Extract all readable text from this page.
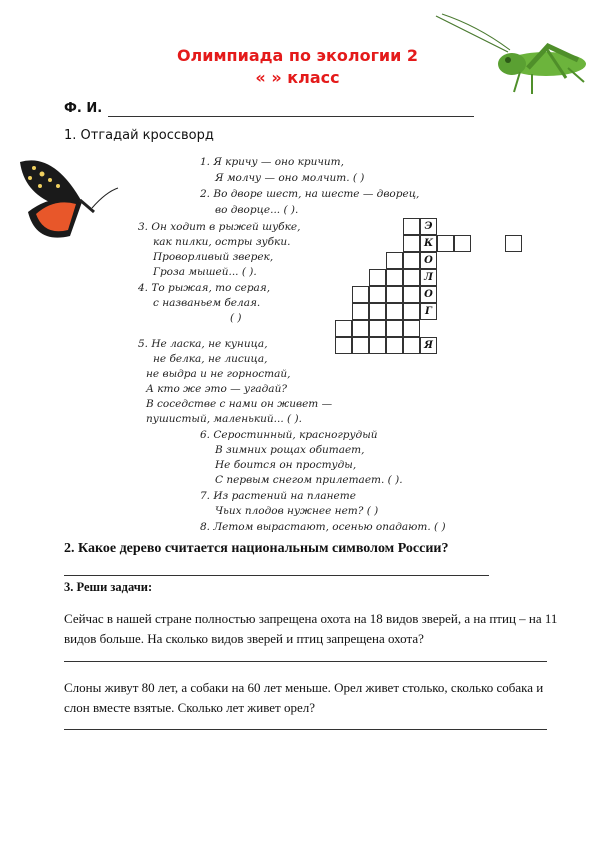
Олимпиада по экологии 2
« » класс
Ф. И.
1. Отгадай кроссворд
1. Я кричу — оно кричит,
Я молчу — оно молчит. ( )
2. Во дворе шест, на шесте — дворец,
во дворце... ( ).
3. Он ходит в рыжей шубке,
как пилки, остры зубки.
Проворливый зверек,
Гроза мышей... ( ).
4. То рыжая, то серая,
с названьем белая.
( )
5. Не ласка, не куница,
не белка, не лисица,
не выдра и не горностай,
А кто же это — угадай?
В соседстве с нами он живет —
пушистый, маленький... ( ).
6. Серостинный, красногрудый
В зимних рощах обитает,
Не боится он простуды,
С первым снегом прилетает. ( ).
7. Из растений на планете
Чьих плодов нужнее нет? ( )
8. Летом вырастают, осенью опадают. ( )
Э
К
О
Л
О
Г
Я
2. Какое дерево считается национальным символом России?
3. Реши задачи:
Сейчас в нашей стране полностью запрещена охота на 18 видов зверей, а на птиц – на 11 видов больше. На сколько видов зверей и птиц запрещена охота?
Слоны живут 80 лет, а собаки на 60 лет меньше. Орел живет столько, сколько собака и слон вместе взятые. Сколько лет живет орел?
